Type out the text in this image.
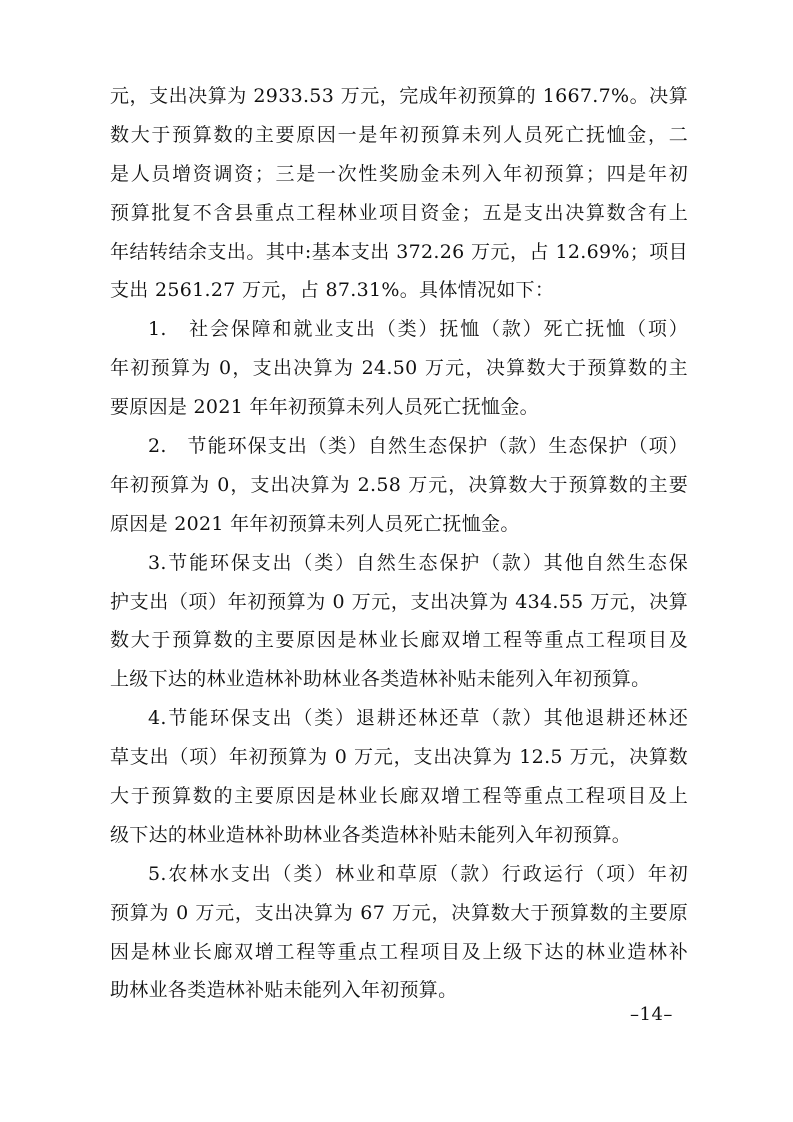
元，支出决算为 2933.53 万元，完成年初预算的 1667.7%。决算
数大于预算数的主要原因一是年初预算未列人员死亡抚恤金，二
是人员增资调资；三是一次性奖励金未列入年初预算；四是年初
预算批复不含县重点工程林业项目资金；五是支出决算数含有上
年结转结余支出。其中:基本支出 372.26 万元，占 12.69%；项目
支出 2561.27 万元，占 87.31%。具体情况如下：
1.　社会保障和就业支出（类）抚恤（款）死亡抚恤（项）
年初预算为 0，支出决算为 24.50 万元，决算数大于预算数的主
要原因是 2021 年年初预算未列人员死亡抚恤金。
2.　节能环保支出（类）自然生态保护（款）生态保护（项）
年初预算为 0，支出决算为 2.58 万元，决算数大于预算数的主要
原因是 2021 年年初预算未列人员死亡抚恤金。
3.节能环保支出（类）自然生态保护（款）其他自然生态保
护支出（项）年初预算为 0 万元，支出决算为 434.55 万元，决算
数大于预算数的主要原因是林业长廊双增工程等重点工程项目及
上级下达的林业造林补助林业各类造林补贴未能列入年初预算。
4.节能环保支出（类）退耕还林还草（款）其他退耕还林还
草支出（项）年初预算为 0 万元，支出决算为 12.5 万元，决算数
大于预算数的主要原因是林业长廊双增工程等重点工程项目及上
级下达的林业造林补助林业各类造林补贴未能列入年初预算。
5.农林水支出（类）林业和草原（款）行政运行（项）年初
预算为 0 万元，支出决算为 67 万元，决算数大于预算数的主要原
因是林业长廊双增工程等重点工程项目及上级下达的林业造林补
助林业各类造林补贴未能列入年初预算。
–14–
